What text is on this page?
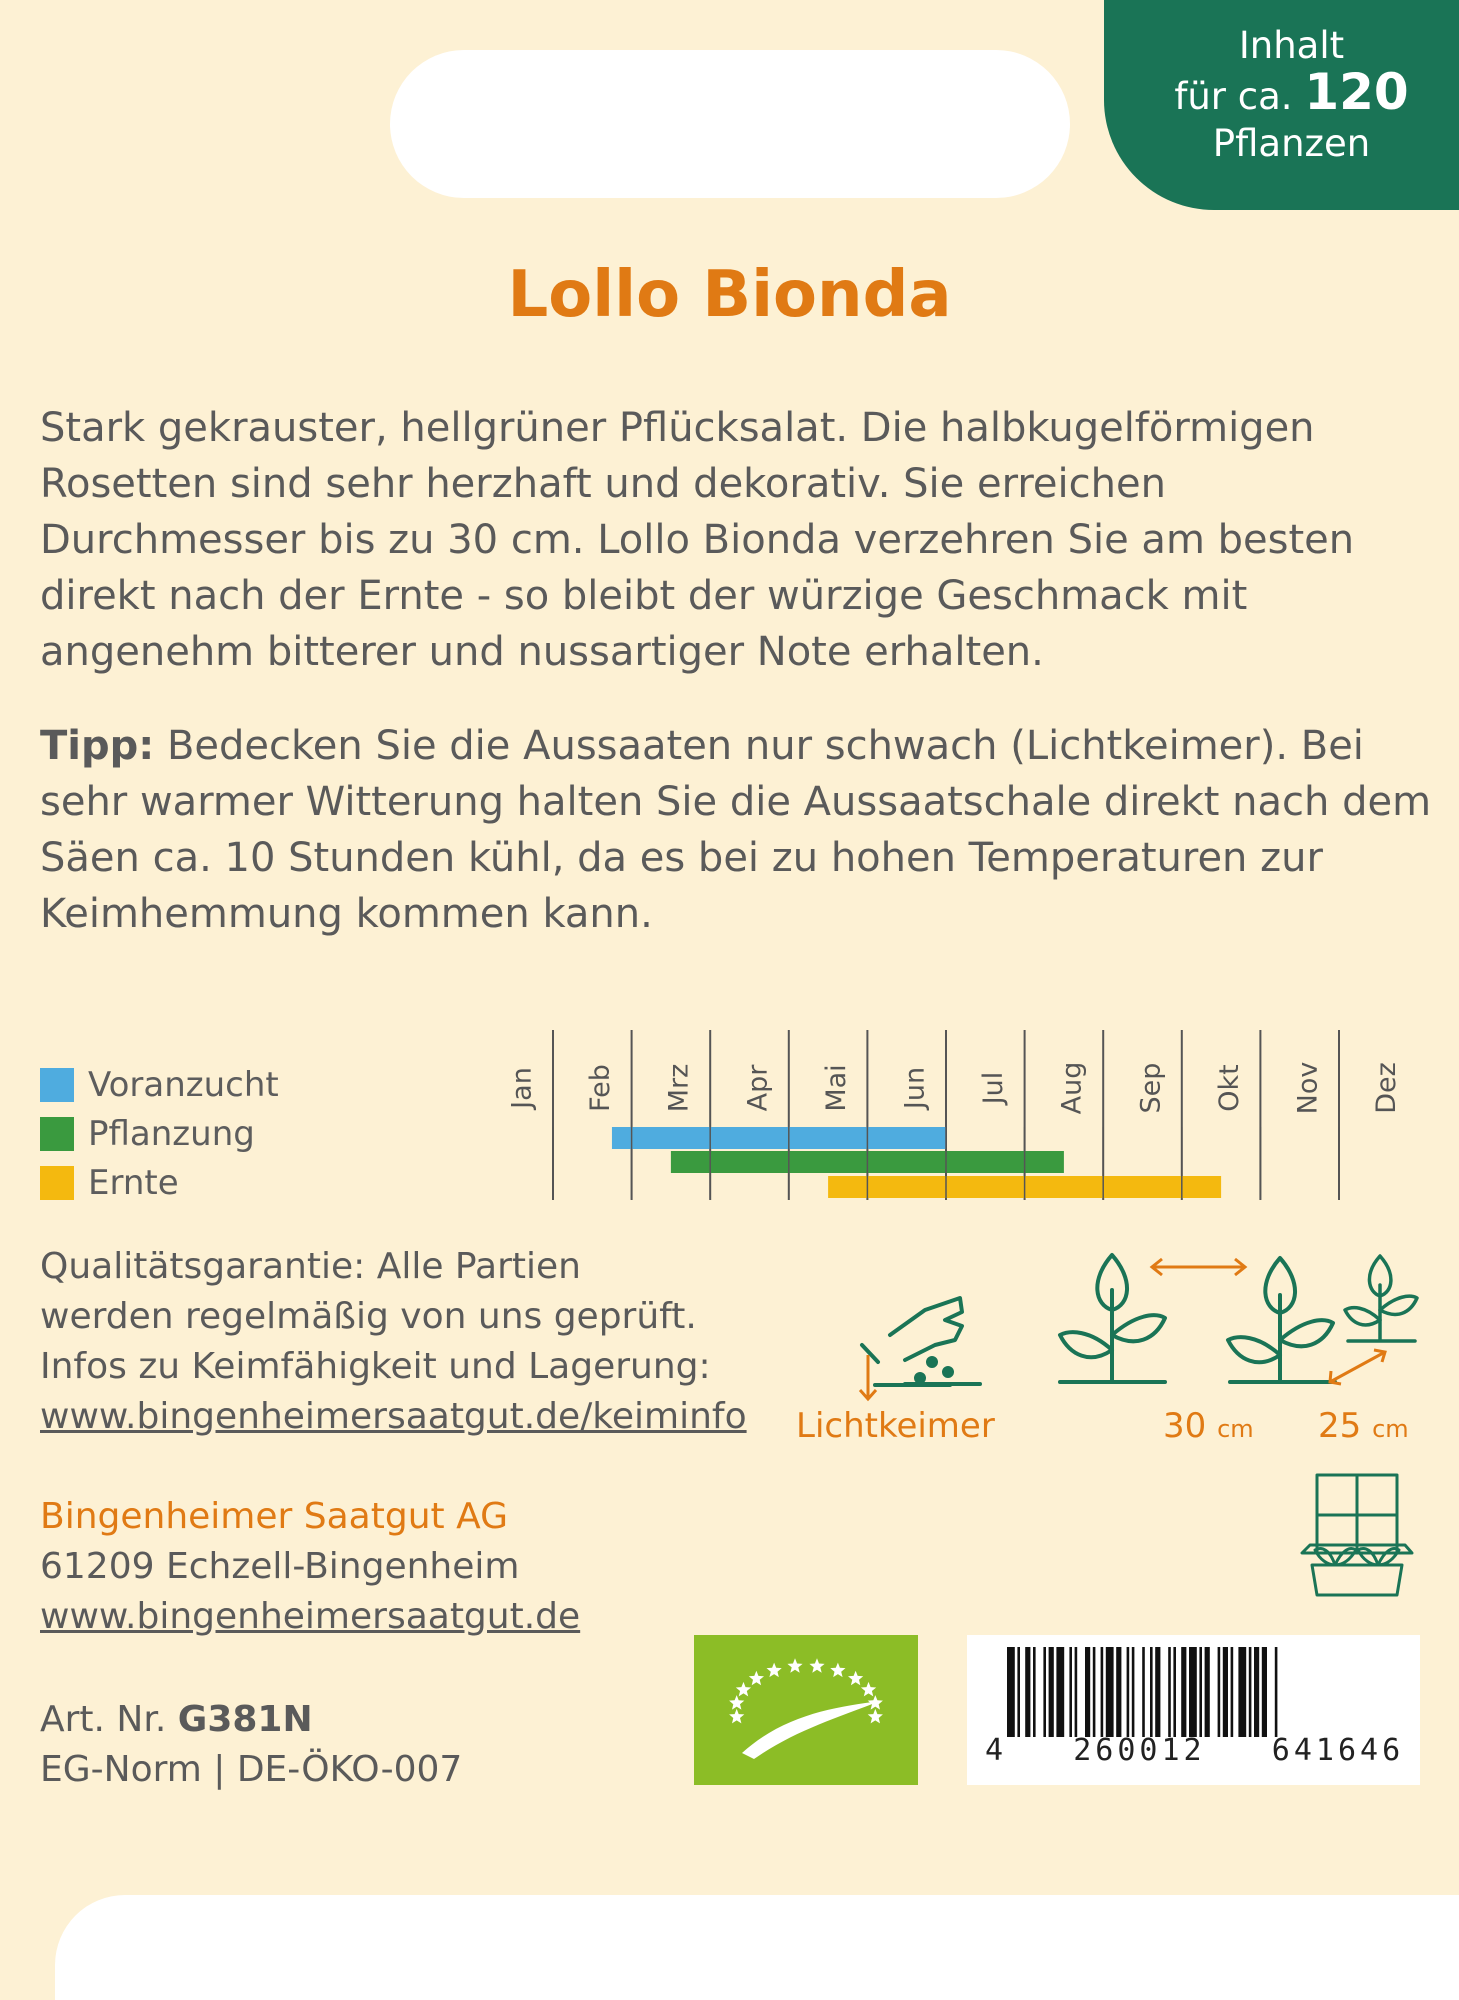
Inhalt
für ca. 120
Pflanzen
Lollo Bionda

Stark gekrauster, hellgrüner Pflücksalat. Die halbkugelförmigen Rosetten sind sehr herzhaft und dekorativ. Sie erreichen Durchmesser bis zu 30 cm. Lollo Bionda verzehren Sie am besten direkt nach der Ernte - so bleibt der würzige Geschmack mit angenehm bitterer und nussartiger Note erhalten.

Tipp: Bedecken Sie die Aussaaten nur schwach (Lichtkeimer). Bei sehr warmer Witterung halten Sie die Aussaatschale direkt nach dem Säen ca. 10 Stunden kühl, da es bei zu hohen Temperaturen zur Keimhemmung kommen kann.

Voranzucht
Pflanzung
Ernte
Jan Feb Mrz Apr Mai Jun Jul Aug Sep Okt Nov Dez
Qualitätsgarantie: Alle Partien
werden regelmäßig von uns geprüft.
Infos zu Keimfähigkeit und Lagerung:
www.bingenheimersaatgut.de/keiminfo Lichtkeimer	30 cm 25 cm
Bingenheimer Saatgut AG
61209 Echzell-Bingenheim
www.bingenheimersaatgut.de
Art. Nr. G381N
EG-Norm | DE-ÖKO-007	4   260012   641646
